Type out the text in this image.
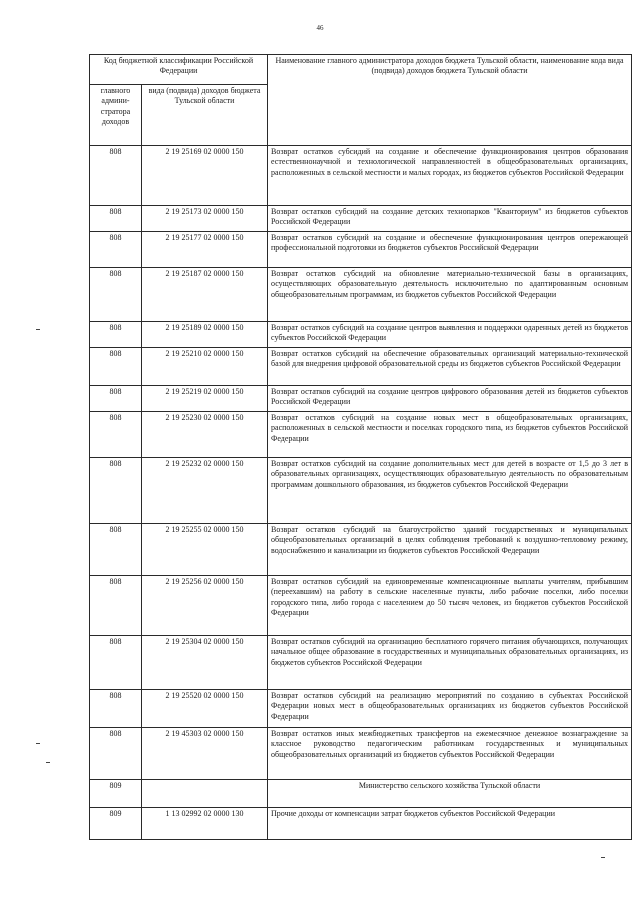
46
Код бюджетной классификации Российской Федерации		Наименование главного администратора доходов бюджета Тульской области, наименование кода вида (подвида) доходов бюджета Тульской области
главного админи-стратора доходов	вида (подвида) доходов бюджета Тульской области	
808	2 19 25169 02 0000 150	Возврат остатков субсидий на создание и обеспечение функционирования центров образования естественнонаучной и технологической направленностей в общеобразовательных организациях, расположенных в сельской местности и малых городах, из бюджетов субъектов Российской Федерации
808	2 19 25173 02 0000 150	Возврат остатков субсидий на создание детских технопарков "Кванториум" из бюджетов субъектов Российской Федерации
808	2 19 25177 02 0000 150	Возврат остатков субсидий на создание и обеспечение функционирования центров опережающей профессиональной подготовки из бюджетов субъектов Российской Федерации
808	2 19 25187 02 0000 150	Возврат остатков субсидий на обновление материально-технической базы в организациях, осуществляющих образовательную деятельность исключительно по адаптированным основным общеобразовательным программам, из бюджетов субъектов Российской Федерации
808	2 19 25189 02 0000 150	Возврат остатков субсидий на создание центров выявления и поддержки одаренных детей из бюджетов субъектов Российской Федерации
808	2 19 25210 02 0000 150	Возврат остатков субсидий на обеспечение образовательных организаций материально-технической базой для внедрения цифровой образовательной среды из бюджетов субъектов Российской Федерации
808	2 19 25219 02 0000 150	Возврат остатков субсидий на создание центров цифрового образования детей из бюджетов субъектов Российской Федерации
808	2 19 25230 02 0000 150	Возврат остатков субсидий на создание новых мест в общеобразовательных организациях, расположенных в сельской местности и поселках городского типа, из бюджетов субъектов Российской Федерации
808	2 19 25232 02 0000 150	Возврат остатков субсидий на создание дополнительных мест для детей в возрасте от 1,5 до 3 лет в образовательных организациях, осуществляющих образовательную деятельность по образовательным программам дошкольного образования, из бюджетов субъектов Российской Федерации
808	2 19 25255 02 0000 150	Возврат остатков субсидий на благоустройство зданий государственных и муниципальных общеобразовательных организаций в целях соблюдения требований к воздушно-тепловому режиму, водоснабжению и канализации из бюджетов субъектов Российской Федерации
808	2 19 25256 02 0000 150	Возврат остатков субсидий на единовременные компенсационные выплаты учителям, прибывшим (переехавшим) на работу в сельские населенные пункты, либо рабочие поселки, либо поселки городского типа, либо города с населением до 50 тысяч человек, из бюджетов субъектов Российской Федерации
808	2 19 25304 02 0000 150	Возврат остатков субсидий на организацию бесплатного горячего питания обучающихся, получающих начальное общее образование в государственных и муниципальных образовательных организациях, из бюджетов субъектов Российской Федерации
808	2 19 25520 02 0000 150	Возврат остатков субсидий на реализацию мероприятий по созданию в субъектах Российской Федерации новых мест в общеобразовательных организациях из бюджетов субъектов Российской Федерации
808	2 19 45303 02 0000 150	Возврат остатков иных межбюджетных трансфертов на ежемесячное денежное вознаграждение за классное руководство педагогическим работникам государственных и муниципальных общеобразовательных организаций из бюджетов субъектов Российской Федерации
809		Министерство сельского хозяйства Тульской области
809	1 13 02992 02 0000 130	Прочие доходы от компенсации затрат бюджетов субъектов Российской Федерации
